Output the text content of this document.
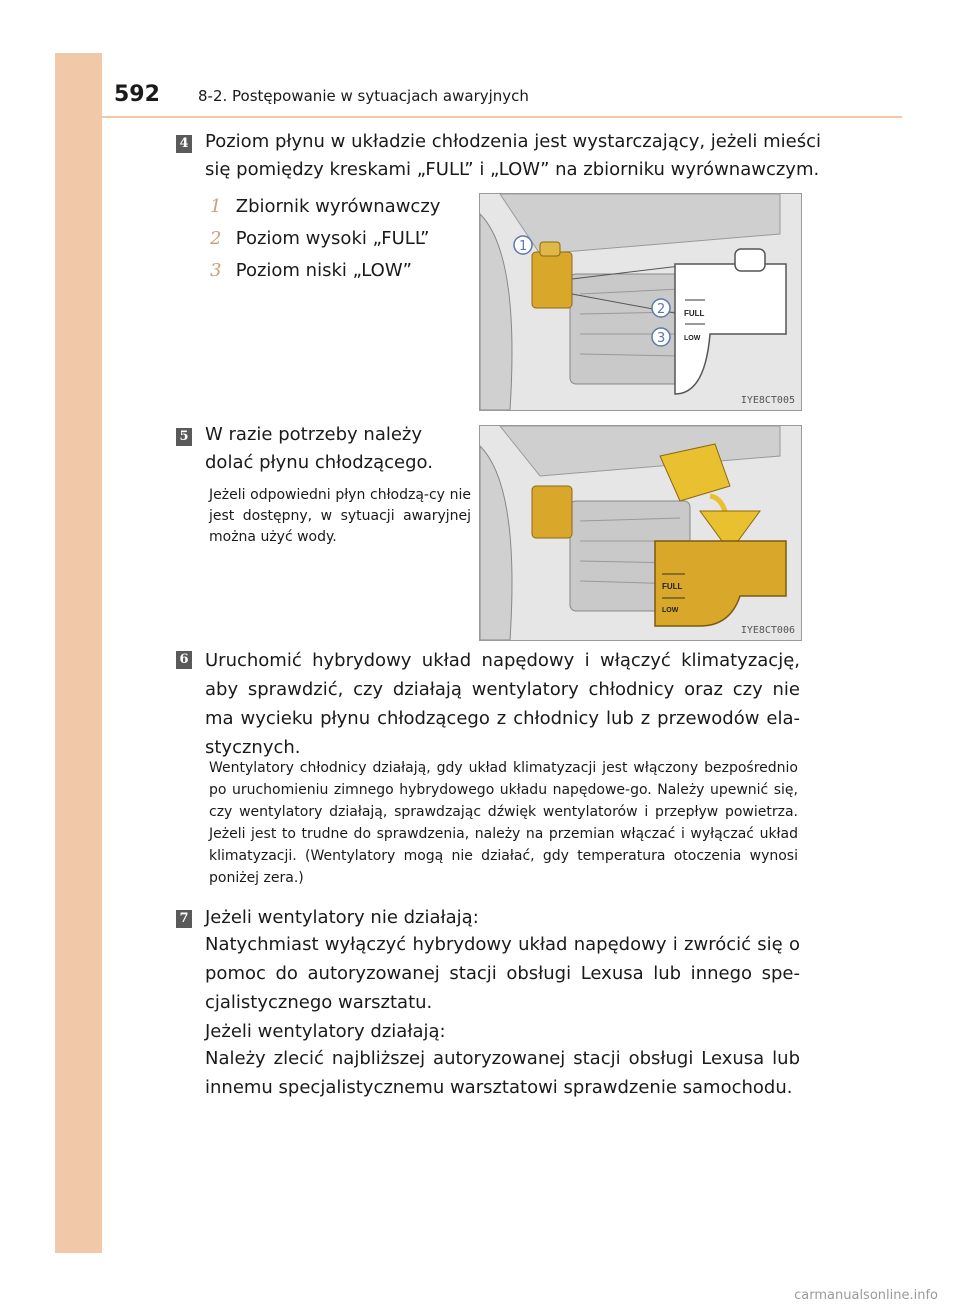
592	8-2. Postępowanie w sytuacjach awaryjnych
4 Poziom płynu w układzie chłodzenia jest wystarczający, jeżeli mieści
się pomiędzy kreskami „FULL” i „LOW” na zbiorniku wyrównawczym.
1 Zbiornik wyrównawczy
2 Poziom wysoki „FULL”
3 Poziom niski „LOW”
FULL
LOW
1
2
3
IYE8CT005
5 W razie potrzeby należy
dolać płynu chłodzącego.
Jeżeli odpowiedni płyn chłodzą-cy nie jest dostępny, w sytuacji awaryjnej można użyć wody.
FULL
LOW
IYE8CT006
6 Uruchomić hybrydowy układ napędowy i włączyć klimatyzację, aby sprawdzić, czy działają wentylatory chłodnicy oraz czy nie ma wycieku płynu chłodzącego z chłodnicy lub z przewodów ela-stycznych.
Wentylatory chłodnicy działają, gdy układ klimatyzacji jest włączony bezpośrednio po uruchomieniu zimnego hybrydowego układu napędowe-go. Należy upewnić się, czy wentylatory działają, sprawdzając dźwięk wentylatorów i przepływ powietrza. Jeżeli jest to trudne do sprawdzenia, należy na przemian włączać i wyłączać układ klimatyzacji. (Wentylatory mogą nie działać, gdy temperatura otoczenia wynosi poniżej zera.)
7 Jeżeli wentylatory nie działają:
Natychmiast wyłączyć hybrydowy układ napędowy i zwrócić się o pomoc do autoryzowanej stacji obsługi Lexusa lub innego spe-cjalistycznego warsztatu.
Jeżeli wentylatory działają:
Należy zlecić najbliższej autoryzowanej stacji obsługi Lexusa lub innemu specjalistycznemu warsztatowi sprawdzenie samochodu.
carmanualsonline.info
